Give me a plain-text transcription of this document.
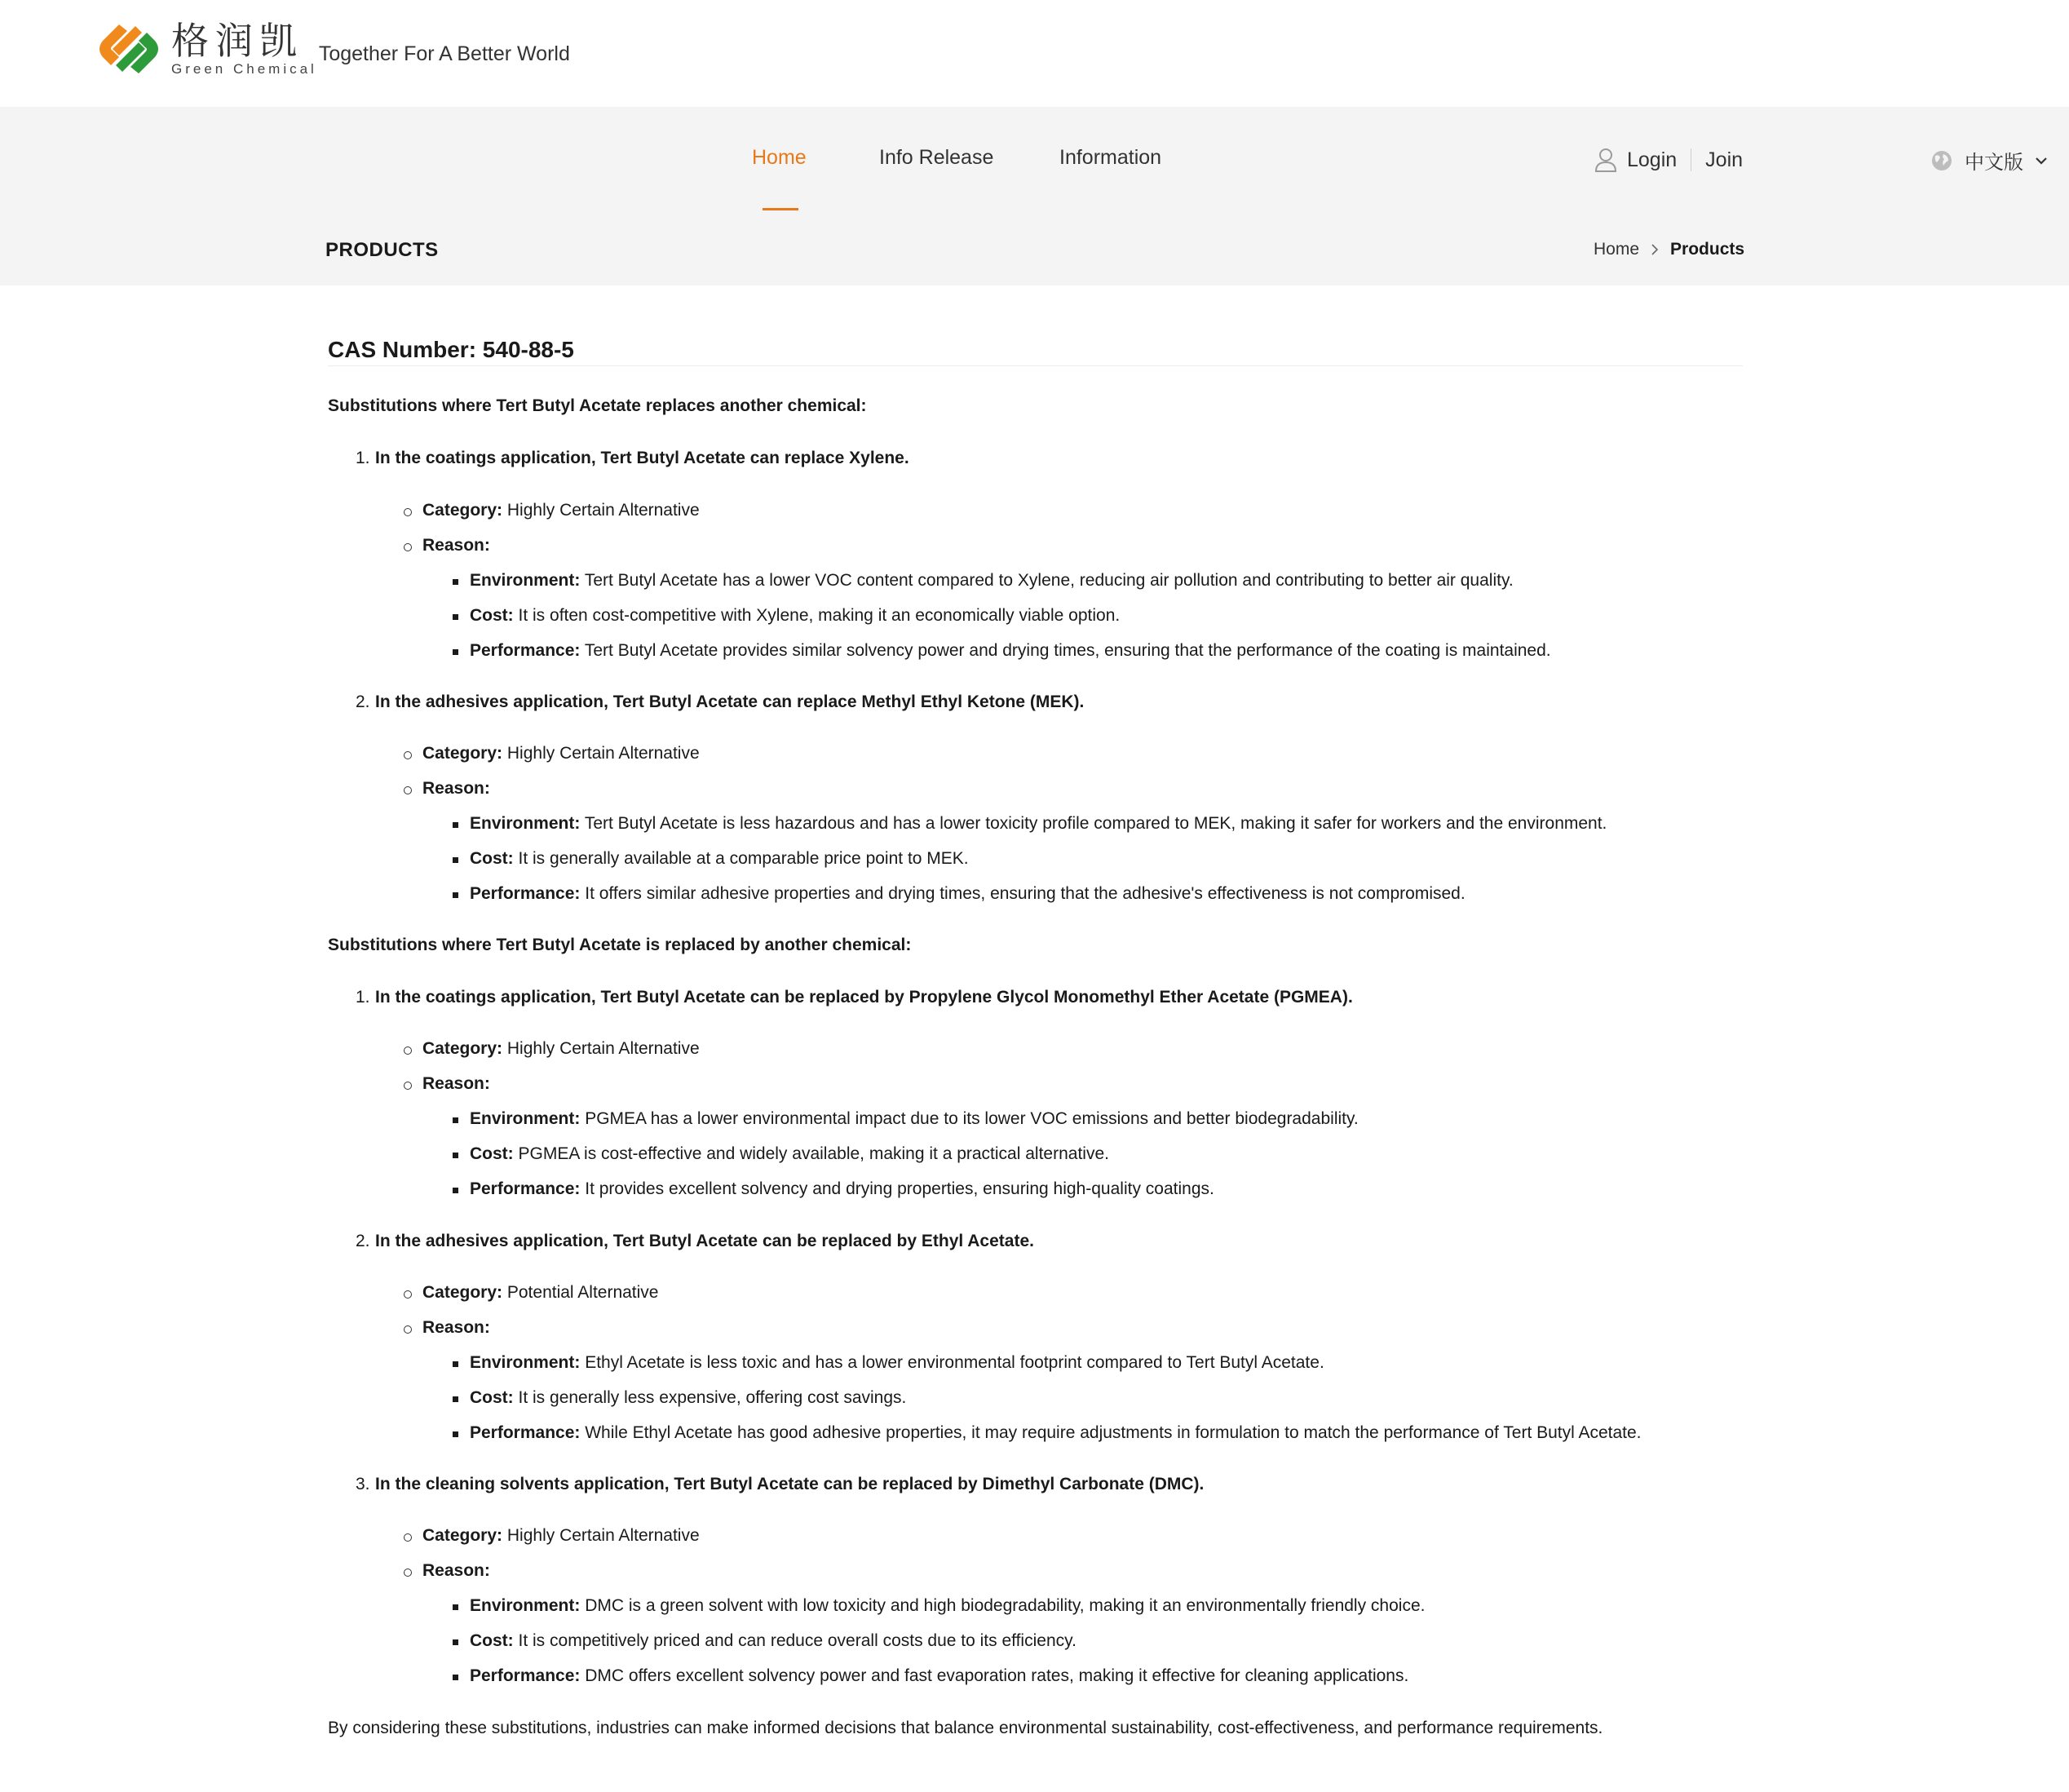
格润凯
Green Chemical
Together For A Better World
Home	Info Release	Information	Login Join	中文版
PRODUCTS	Home Products
CAS Number: 540-88-5
Substitutions where Tert Butyl Acetate replaces another chemical:
1. In the coatings application, Tert Butyl Acetate can replace Xylene.
Category: Highly Certain Alternative
Reason:
Environment: Tert Butyl Acetate has a lower VOC content compared to Xylene, reducing air pollution and contributing to better air quality.
Cost: It is often cost-competitive with Xylene, making it an economically viable option.
Performance: Tert Butyl Acetate provides similar solvency power and drying times, ensuring that the performance of the coating is maintained.
2. In the adhesives application, Tert Butyl Acetate can replace Methyl Ethyl Ketone (MEK).
Category: Highly Certain Alternative
Reason:
Environment: Tert Butyl Acetate is less hazardous and has a lower toxicity profile compared to MEK, making it safer for workers and the environment.
Cost: It is generally available at a comparable price point to MEK.
Performance: It offers similar adhesive properties and drying times, ensuring that the adhesive's effectiveness is not compromised.
Substitutions where Tert Butyl Acetate is replaced by another chemical:
1. In the coatings application, Tert Butyl Acetate can be replaced by Propylene Glycol Monomethyl Ether Acetate (PGMEA).
Category: Highly Certain Alternative
Reason:
Environment: PGMEA has a lower environmental impact due to its lower VOC emissions and better biodegradability.
Cost: PGMEA is cost-effective and widely available, making it a practical alternative.
Performance: It provides excellent solvency and drying properties, ensuring high-quality coatings.
2. In the adhesives application, Tert Butyl Acetate can be replaced by Ethyl Acetate.
Category: Potential Alternative
Reason:
Environment: Ethyl Acetate is less toxic and has a lower environmental footprint compared to Tert Butyl Acetate.
Cost: It is generally less expensive, offering cost savings.
Performance: While Ethyl Acetate has good adhesive properties, it may require adjustments in formulation to match the performance of Tert Butyl Acetate.
3. In the cleaning solvents application, Tert Butyl Acetate can be replaced by Dimethyl Carbonate (DMC).
Category: Highly Certain Alternative
Reason:
Environment: DMC is a green solvent with low toxicity and high biodegradability, making it an environmentally friendly choice.
Cost: It is competitively priced and can reduce overall costs due to its efficiency.
Performance: DMC offers excellent solvency power and fast evaporation rates, making it effective for cleaning applications.
By considering these substitutions, industries can make informed decisions that balance environmental sustainability, cost-effectiveness, and performance requirements.
